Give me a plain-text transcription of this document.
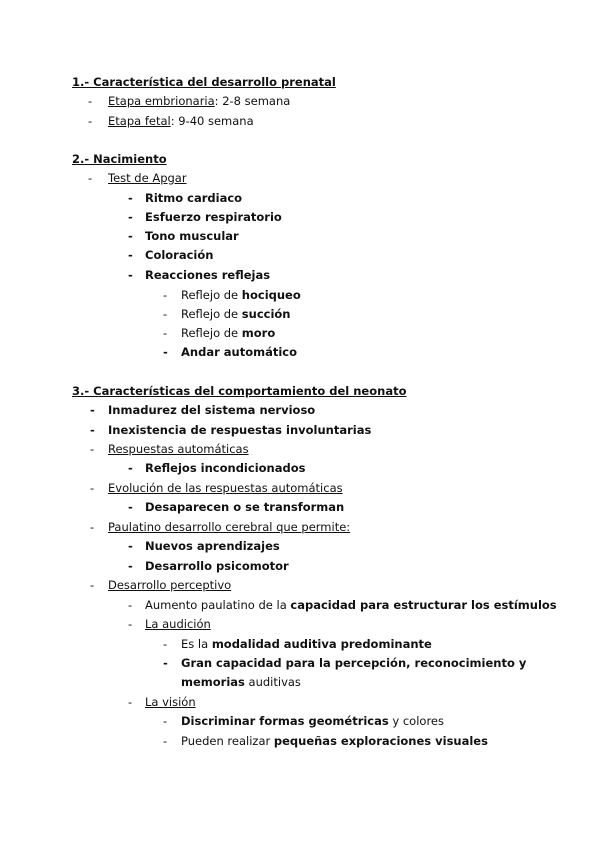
1.- Característica del desarrollo prenatal
- Etapa embrionaria: 2-8 semana
- Etapa fetal: 9-40 semana
2.- Nacimiento
- Test de Apgar
- Ritmo cardiaco
- Esfuerzo respiratorio
- Tono muscular
- Coloración
- Reacciones reflejas
- Reflejo de hociqueo
- Reflejo de succión
- Reflejo de moro
- Andar automático
3.- Características del comportamiento del neonato
- Inmadurez del sistema nervioso
- Inexistencia de respuestas involuntarias
- Respuestas automáticas
- Reflejos incondicionados
- Evolución de las respuestas automáticas
- Desaparecen o se transforman
- Paulatino desarrollo cerebral que permite:
- Nuevos aprendizajes
- Desarrollo psicomotor
- Desarrollo perceptivo
- Aumento paulatino de la capacidad para estructurar los estímulos
- La audición
- Es la modalidad auditiva predominante
- Gran capacidad para la percepción, reconocimiento y
memorias auditivas
- La visión
- Discriminar formas geométricas y colores
- Pueden realizar pequeñas exploraciones visuales
